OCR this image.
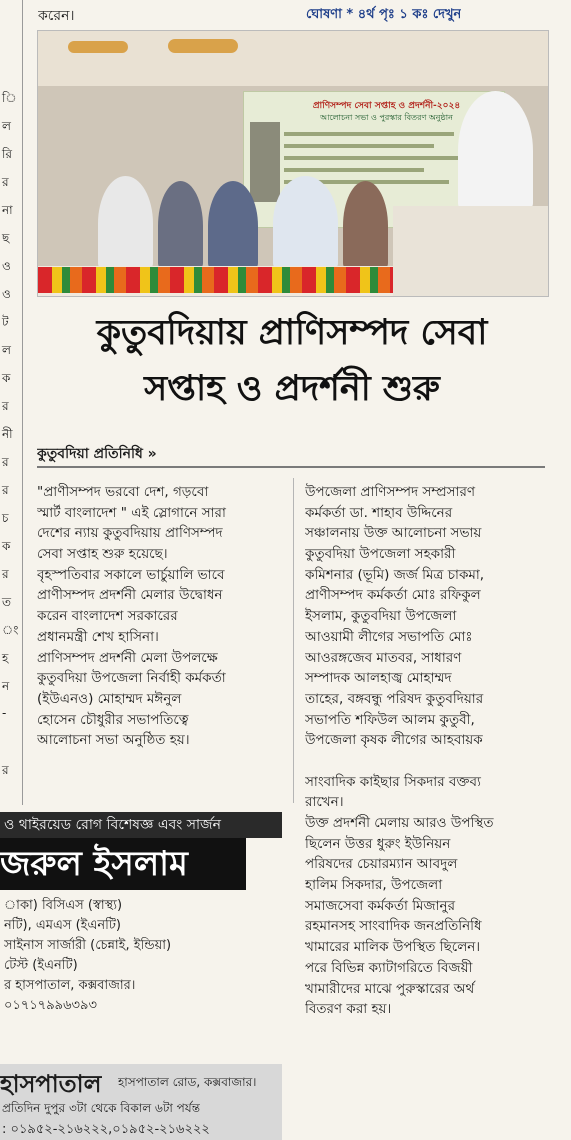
করেন।	ঘোষণা * ৪র্থ পৃঃ ১ কঃ দেখুন
ি
ল
রি
র
না
ছ
ও
ও
ট
ল
ক
র
নী
র
র
চ
ক
র
ত
ং
হ
ন
-
র
প্রাণিসম্পদ সেবা সপ্তাহ ও প্রদর্শনী-২০২৪
আলোচনা সভা ও পুরস্কার বিতরণ অনুষ্ঠান
কুতুবদিয়ায় প্রাণিসম্পদ সেবা
সপ্তাহ ও প্রদর্শনী শুরু
কুতুবদিয়া প্রতিনিধি »
"প্রাণীসম্পদ ভরবো দেশ, গড়বো
স্মার্ট বাংলাদেশ " এই স্লোগানে সারা
দেশের ন্যায় কুতুবদিয়ায় প্রাণিসম্পদ
সেবা সপ্তাহ শুরু হয়েছে।
বৃহস্পতিবার সকালে ভার্চুয়ালি ভাবে
প্রাণীসম্পদ প্রদর্শনী মেলার উদ্বোধন
করেন বাংলাদেশ সরকারের
প্রধানমন্ত্রী শেখ হাসিনা।
প্রাণিসম্পদ প্রদর্শনী মেলা উপলক্ষে
কুতুবদিয়া উপজেলা নির্বাহী কর্মকর্তা
(ইউএনও) মোহাম্মদ মঈনুল
হোসেন চৌধুরীর সভাপতিত্বে
আলোচনা সভা অনুষ্ঠিত হয়।
উপজেলা প্রাণিসম্পদ সম্প্রসারণ
কর্মকর্তা ডা. শাহাব উদ্দিনের
সঞ্চালনায় উক্ত আলোচনা সভায়
কুতুবদিয়া উপজেলা সহকারী
কমিশনার (ভূমি) জর্জ মিত্র চাকমা,
প্রাণীসম্পদ কর্মকর্তা মোঃ রফিকুল
ইসলাম, কুতুবদিয়া উপজেলা
আওয়ামী লীগের সভাপতি মোঃ
আওরঙ্গজেব মাতবর, সাধারণ
সম্পাদক আলহাজ্ব মোহাম্মদ
তাহের, বঙ্গবন্ধু পরিষদ কুতুবদিয়ার
সভাপতি শফিউল আলম কুতুবী,
উপজেলা কৃষক লীগের আহবায়ক
সাংবাদিক কাইছার সিকদার বক্তব্য
রাখেন।
উক্ত প্রদর্শনী মেলায় আরও উপস্থিত
ছিলেন উত্তর ধুরুং ইউনিয়ন
পরিষদের চেয়ারম্যান আবদুল
হালিম সিকদার, উপজেলা
সমাজসেবা কর্মকর্তা মিজানুর
রহমানসহ সাংবাদিক জনপ্রতিনিধি
খামারের মালিক উপস্থিত ছিলেন।
পরে বিভিন্ন ক্যাটাগরিতে বিজয়ী
খামারীদের মাঝে পুরুস্কারের অর্থ
বিতরণ করা হয়।
ও থাইরয়েড রোগ বিশেষজ্ঞ এবং সার্জন
জরুল ইসলাম
াকা) বিসিএস (স্বাস্থ্য)
নটি), এমএস (ইএনটি)
সাইনাস সার্জারী (চেন্নাই, ইন্ডিয়া)
টেস্ট (ইএনটি)
র হাসপাতাল, কক্সবাজার।
০১৭১৭৯৯৬৩৯৩
হাসপাতাল হাসপাতাল রোড, কক্সবাজার।
প্রতিদিন দুপুর ৩টা থেকে বিকাল ৬টা পর্যন্ত
: ০১৯৫২-২১৬২২২,০১৯৫২-২১৬২২২
